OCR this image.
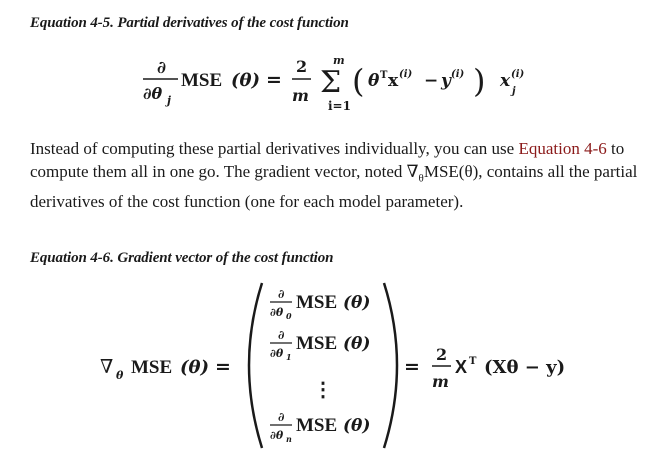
Equation 4-5. Partial derivatives of the cost function
∂
∂θ j
MSE (θ) =
2
m
m
Σ
i=1
( θ T x (i) − y (i) ) x (i)
j
Instead of computing these partial derivatives individually, you can use Equation 4-6 to compute them all in one go. The gradient vector, noted $\nabla_\theta MSE(\theta)$, contains all the partial derivatives of the cost function (one for each model parameter).
Equation 4-6. Gradient vector of the cost function
∇ θ MSE (θ) =
∂
∂θ 0
MSE (θ)
∂
∂θ 1
MSE (θ)
⋮
∂
∂θ n
MSE (θ)
=
2
m
X T (Xθ − y)
